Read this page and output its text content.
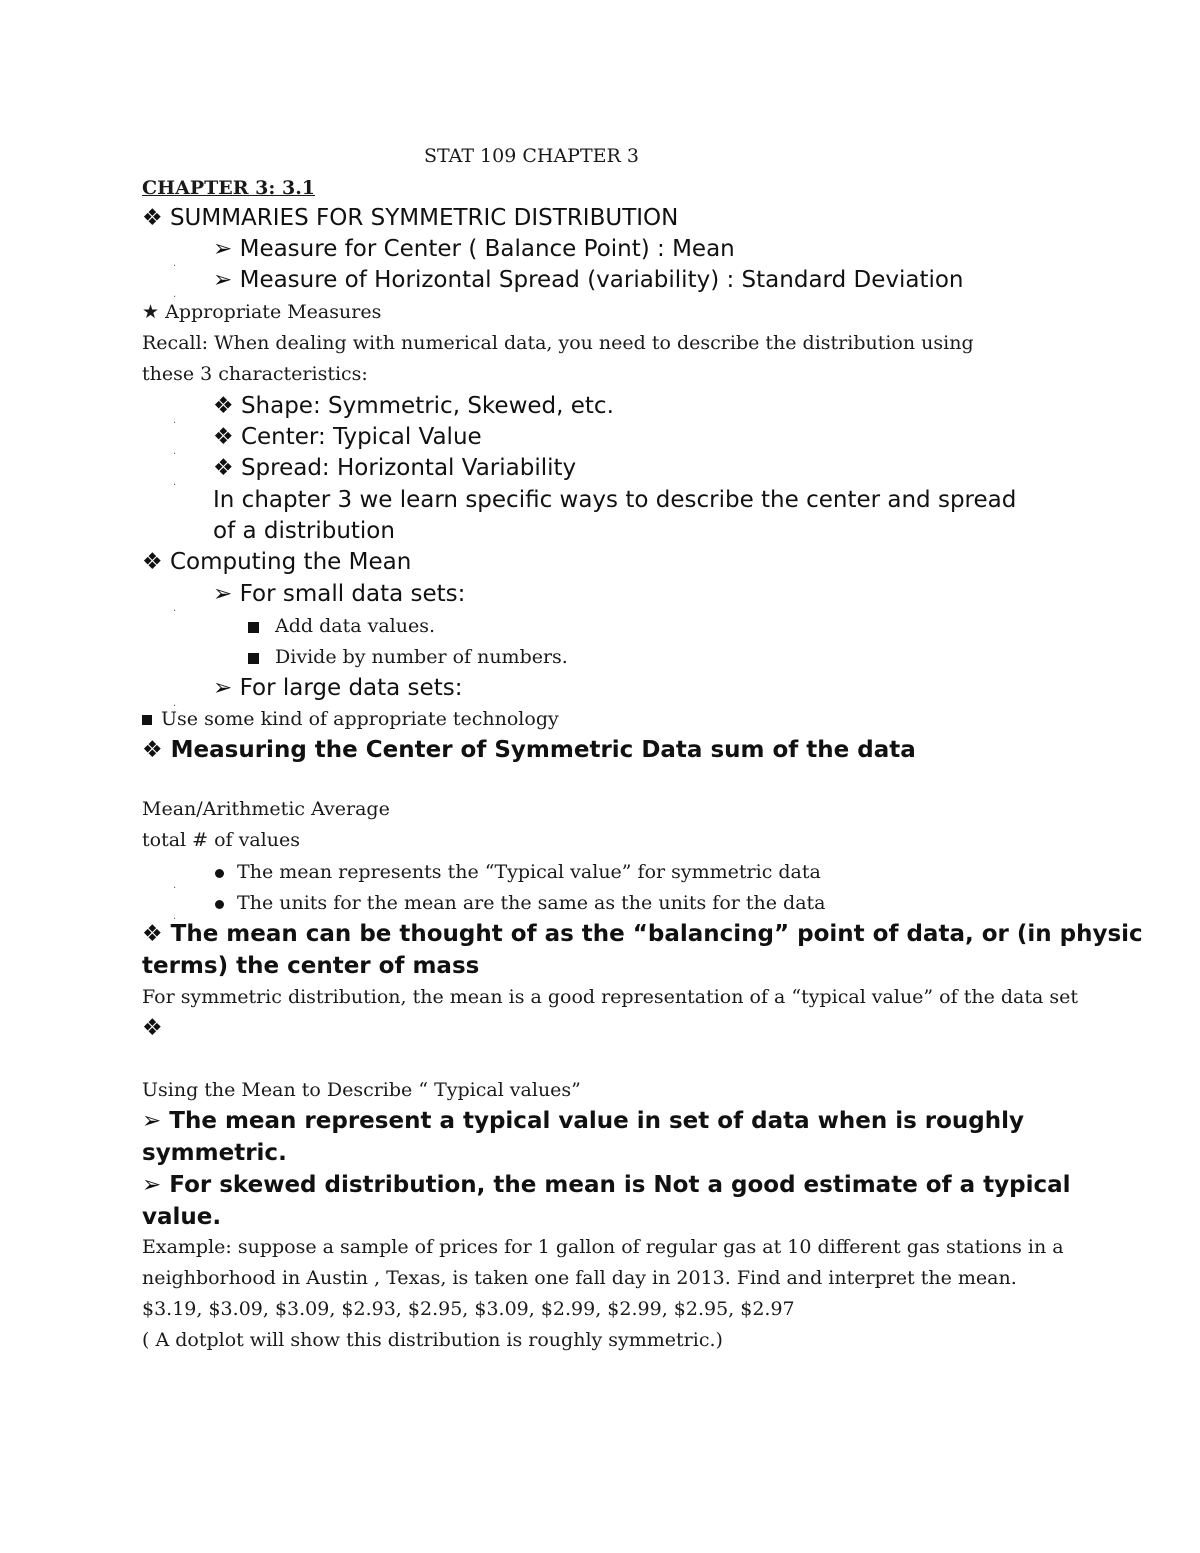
STAT 109 CHAPTER 3
CHAPTER 3: 3.1
❖ SUMMARIES FOR SYMMETRIC DISTRIBUTION
.
➢ Measure for Center ( Balance Point) : Mean
.
➢ Measure of Horizontal Spread (variability) : Standard Deviation
★ Appropriate Measures
Recall: When dealing with numerical data, you need to describe the distribution using
these 3 characteristics:
.
❖ Shape: Symmetric, Skewed, etc.
.
❖ Center: Typical Value
.
❖ Spread: Horizontal Variability
In chapter 3 we learn specific ways to describe the center and spread
of a distribution
❖ Computing the Mean
.
➢ For small data sets:
Add data values.
Divide by number of numbers.
.
➢ For large data sets:
Use some kind of appropriate technology
❖ Measuring the Center of Symmetric Data sum of the data
Mean/Arithmetic Average
total # of values
.
The mean represents the “Typical value” for symmetric data
.
The units for the mean are the same as the units for the data
❖ The mean can be thought of as the “balancing” point of data, or (in physic
terms) the center of mass
For symmetric distribution, the mean is a good representation of a “typical value” of the data set
❖
Using the Mean to Describe “ Typical values”
➢ The mean represent a typical value in set of data when is roughly
symmetric.
➢ For skewed distribution, the mean is Not a good estimate of a typical
value.
Example: suppose a sample of prices for 1 gallon of regular gas at 10 different gas stations in a
neighborhood in Austin , Texas, is taken one fall day in 2013. Find and interpret the mean.
$3.19, $3.09, $3.09, $2.93, $2.95, $3.09, $2.99, $2.99, $2.95, $2.97
( A dotplot will show this distribution is roughly symmetric.)
